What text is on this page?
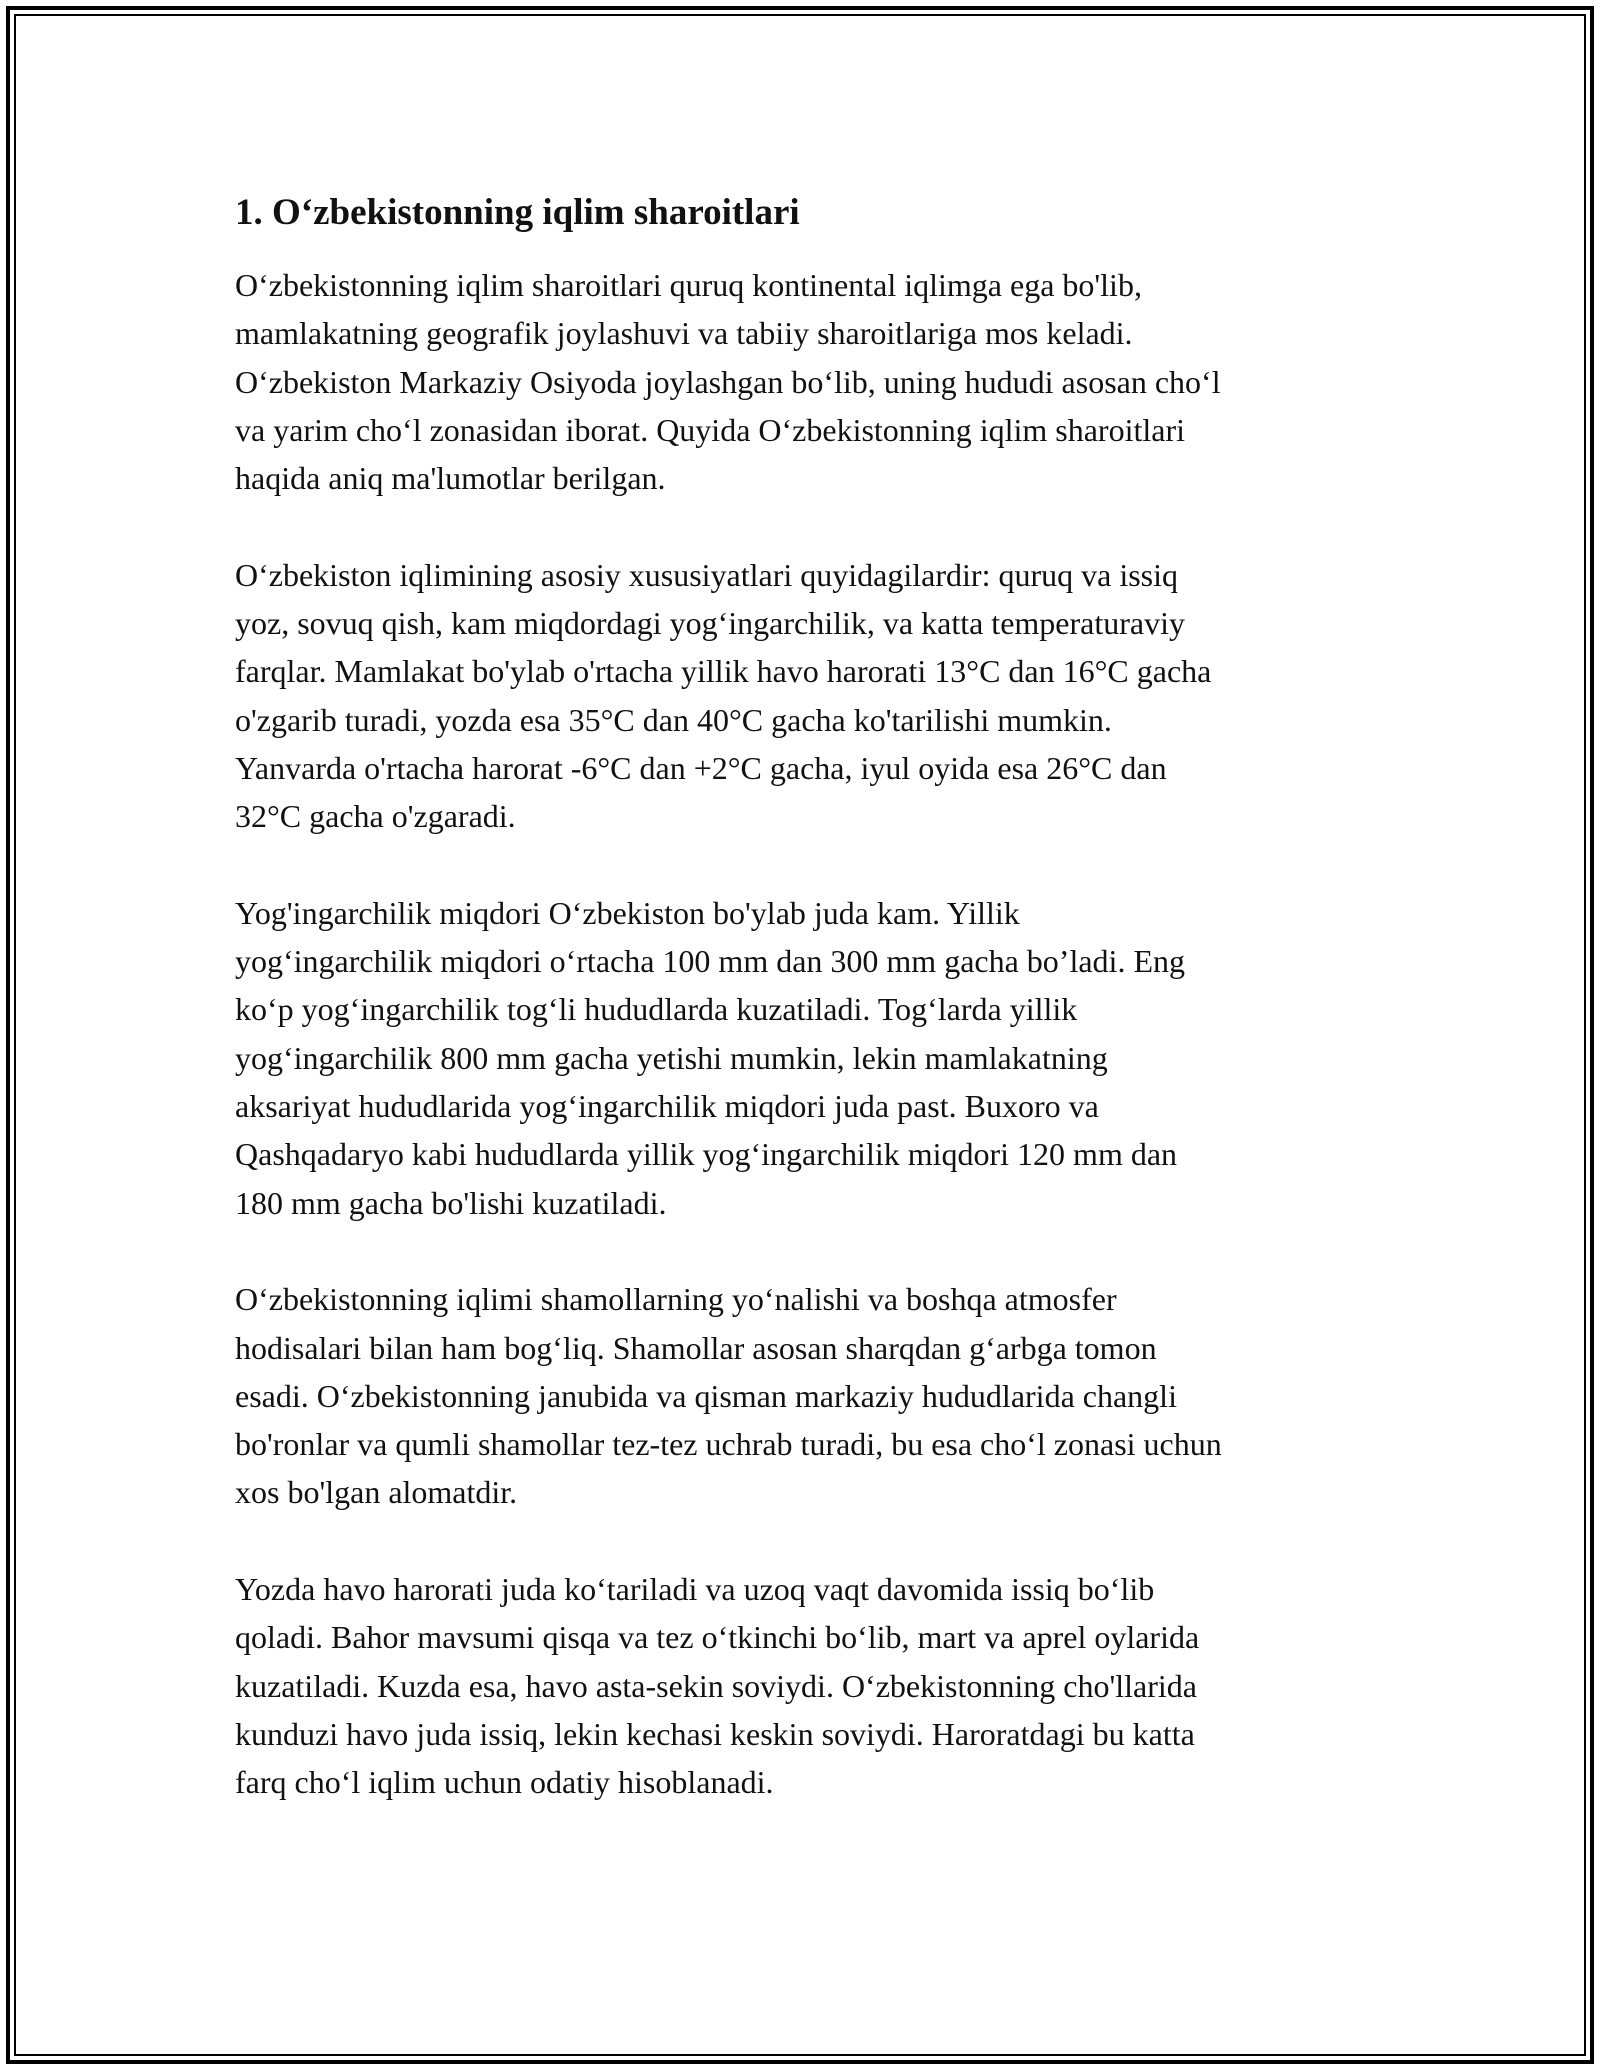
1. O‘zbekistonning iqlim sharoitlari
O‘zbekistonning iqlim sharoitlari quruq kontinental iqlimga ega bo'lib,
mamlakatning geografik joylashuvi va tabiiy sharoitlariga mos keladi.
O‘zbekiston Markaziy Osiyoda joylashgan bo‘lib, uning hududi asosan cho‘l
va yarim cho‘l zonasidan iborat. Quyida O‘zbekistonning iqlim sharoitlari
haqida aniq ma'lumotlar berilgan.
O‘zbekiston iqlimining asosiy xususiyatlari quyidagilardir: quruq va issiq
yoz, sovuq qish, kam miqdordagi yog‘ingarchilik, va katta temperaturaviy
farqlar. Mamlakat bo'ylab o'rtacha yillik havo harorati 13°C dan 16°C gacha
o'zgarib turadi, yozda esa 35°C dan 40°C gacha ko'tarilishi mumkin.
Yanvarda o'rtacha harorat -6°C dan +2°C gacha, iyul oyida esa 26°C dan
32°C gacha o'zgaradi.
Yog'ingarchilik miqdori O‘zbekiston bo'ylab juda kam. Yillik
yog‘ingarchilik miqdori o‘rtacha 100 mm dan 300 mm gacha bo’ladi. Eng
ko‘p yog‘ingarchilik tog‘li hududlarda kuzatiladi. Tog‘larda yillik
yog‘ingarchilik 800 mm gacha yetishi mumkin, lekin mamlakatning
aksariyat hududlarida yog‘ingarchilik miqdori juda past. Buxoro va
Qashqadaryo kabi hududlarda yillik yog‘ingarchilik miqdori 120 mm dan
180 mm gacha bo'lishi kuzatiladi.
O‘zbekistonning iqlimi shamollarning yo‘nalishi va boshqa atmosfer
hodisalari bilan ham bog‘liq. Shamollar asosan sharqdan g‘arbga tomon
esadi. O‘zbekistonning janubida va qisman markaziy hududlarida changli
bo'ronlar va qumli shamollar tez-tez uchrab turadi, bu esa cho‘l zonasi uchun
xos bo'lgan alomatdir.
Yozda havo harorati juda ko‘tariladi va uzoq vaqt davomida issiq bo‘lib
qoladi. Bahor mavsumi qisqa va tez o‘tkinchi bo‘lib, mart va aprel oylarida
kuzatiladi. Kuzda esa, havo asta-sekin soviydi. O‘zbekistonning cho'llarida
kunduzi havo juda issiq, lekin kechasi keskin soviydi. Haroratdagi bu katta
farq cho‘l iqlim uchun odatiy hisoblanadi.
